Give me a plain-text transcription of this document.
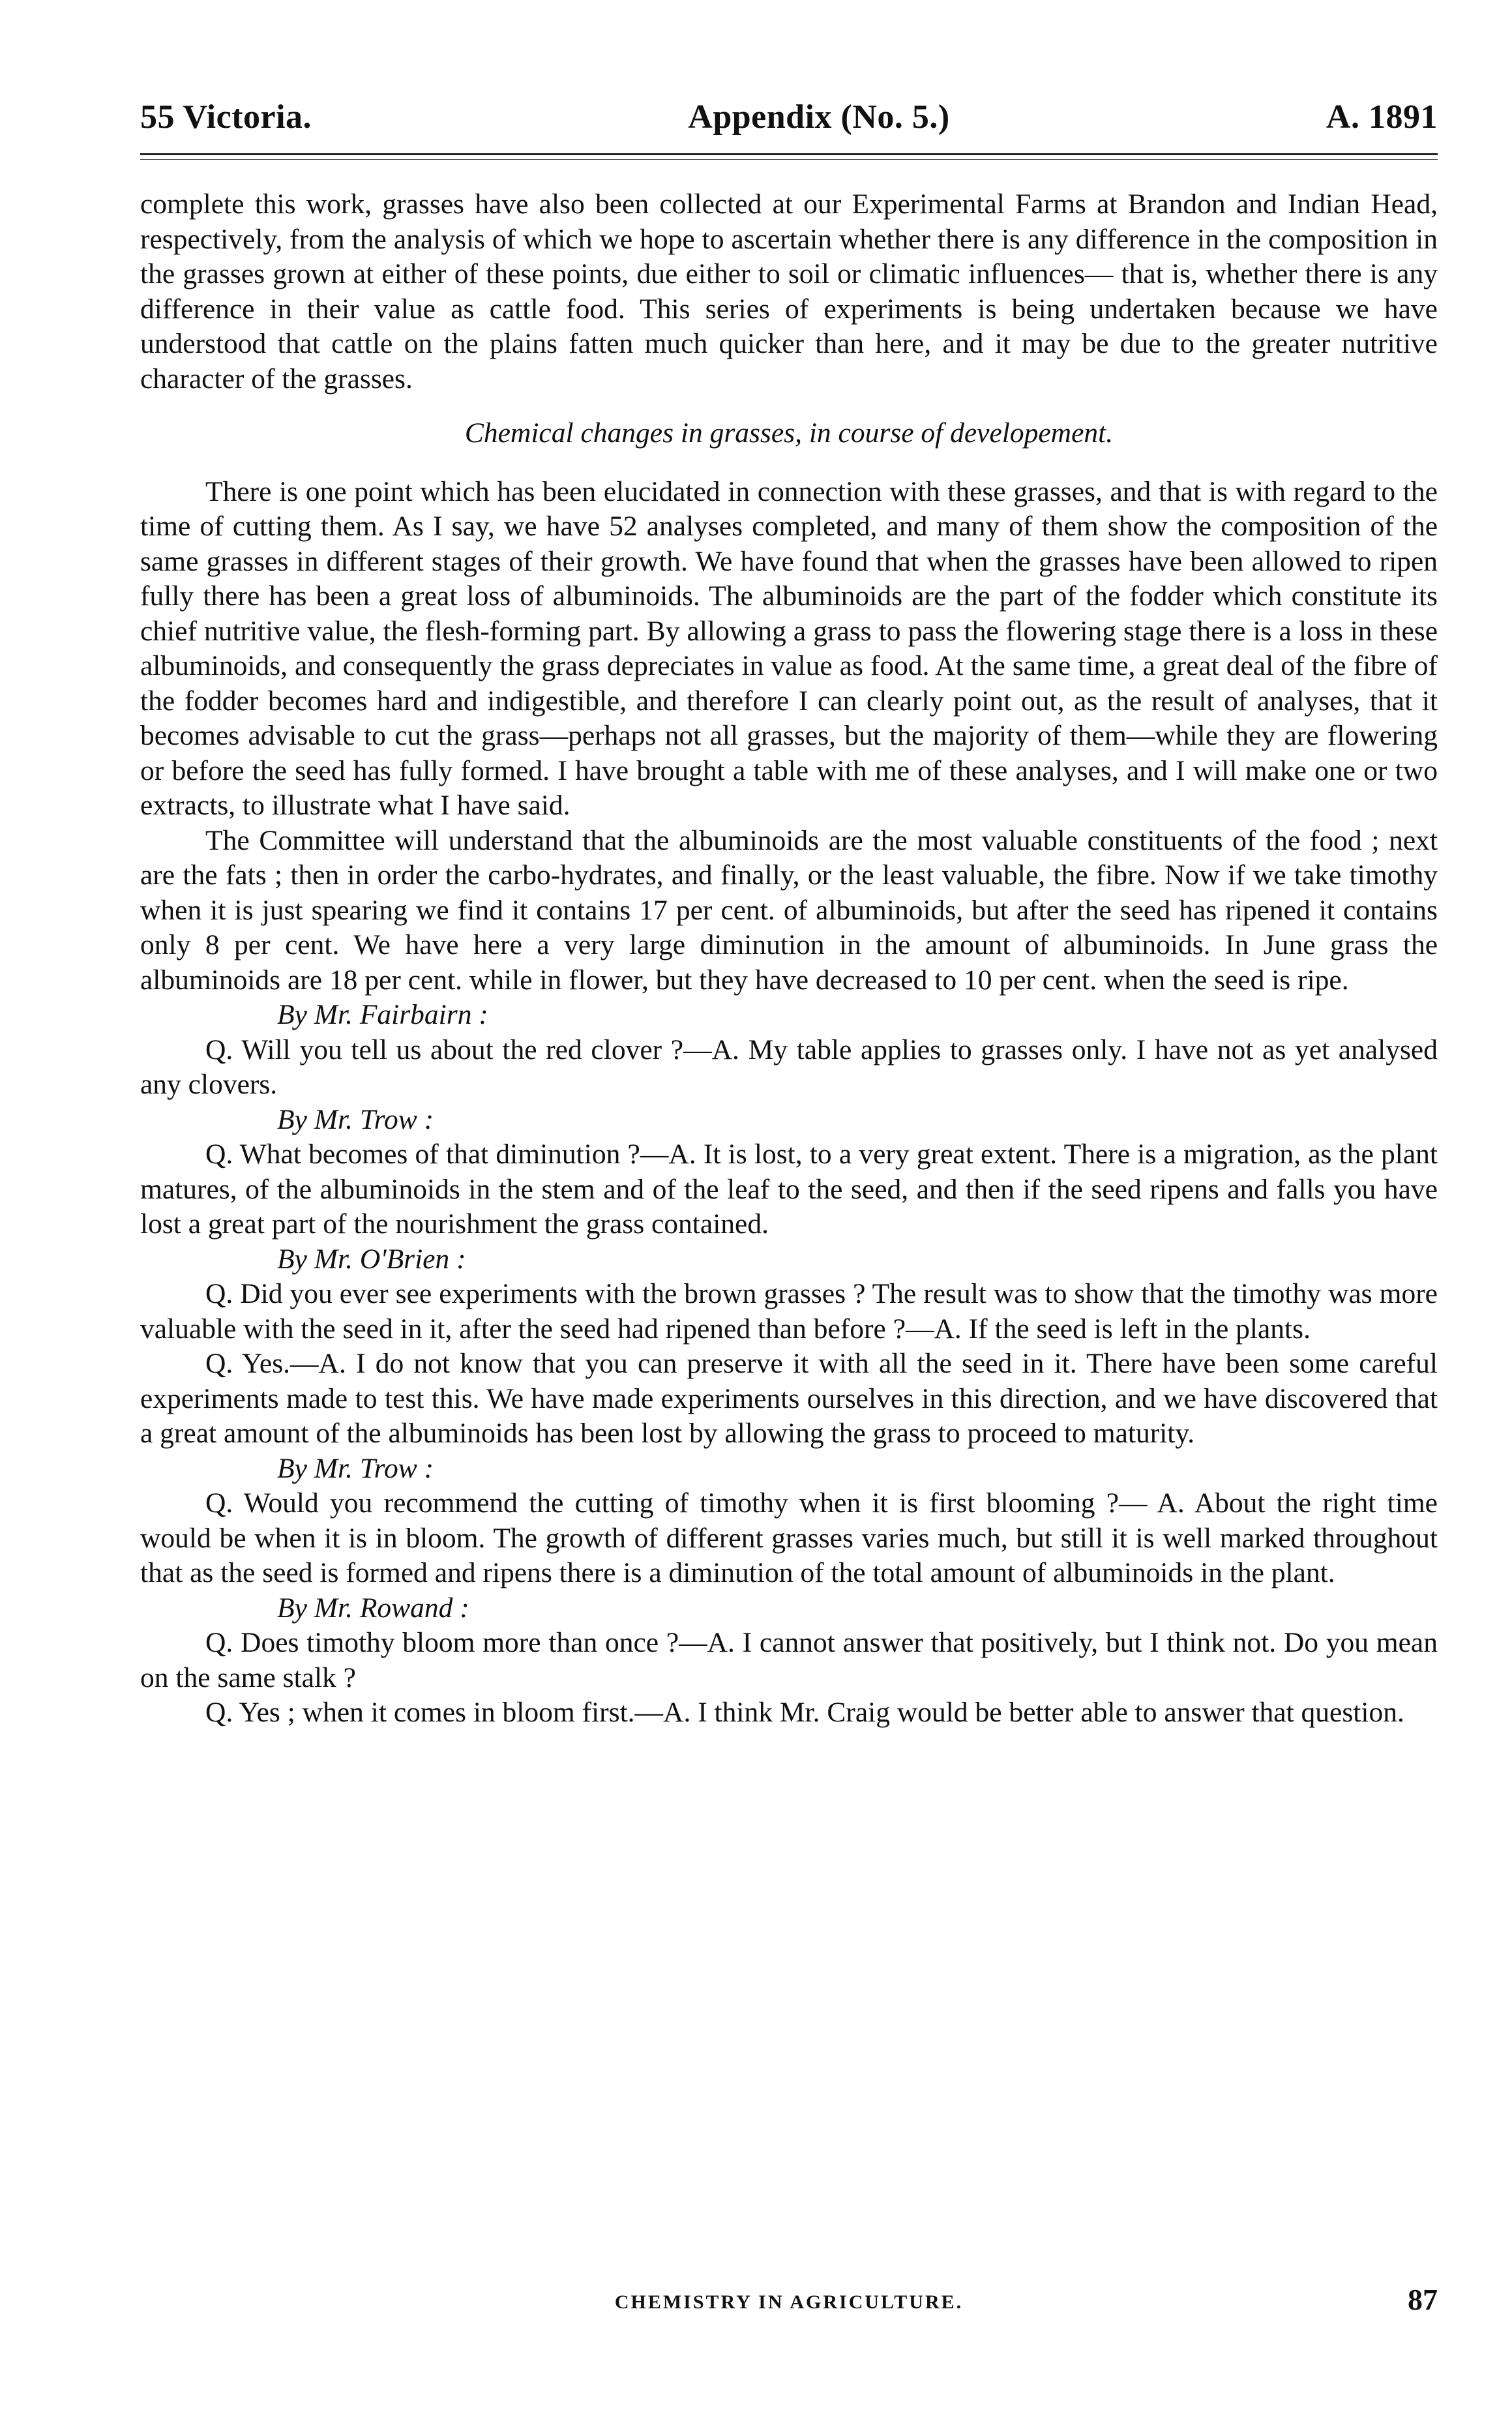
55 Victoria.	Appendix (No. 5.)	A. 1891

complete this work, grasses have also been collected at our Experimental Farms at Brandon and Indian Head, respectively, from the analysis of which we hope to ascertain whether there is any difference in the composition in the grasses grown at either of these points, due either to soil or climatic influences— that is, whether there is any difference in their value as cattle food. This series of experiments is being undertaken because we have understood that cattle on the plains fatten much quicker than here, and it may be due to the greater nutritive character of the grasses.

Chemical changes in grasses, in course of developement.

There is one point which has been elucidated in connection with these grasses, and that is with regard to the time of cutting them. As I say, we have 52 analyses completed, and many of them show the composition of the same grasses in different stages of their growth. We have found that when the grasses have been allowed to ripen fully there has been a great loss of albuminoids. The albuminoids are the part of the fodder which constitute its chief nutritive value, the flesh-forming part. By allowing a grass to pass the flowering stage there is a loss in these albuminoids, and consequently the grass depreciates in value as food. At the same time, a great deal of the fibre of the fodder becomes hard and indigestible, and therefore I can clearly point out, as the result of analyses, that it becomes advisable to cut the grass—perhaps not all grasses, but the majority of them—while they are flowering or before the seed has fully formed. I have brought a table with me of these analyses, and I will make one or two extracts, to illustrate what I have said.

The Committee will understand that the albuminoids are the most valuable constituents of the food ; next are the fats ; then in order the carbo-hydrates, and finally, or the least valuable, the fibre. Now if we take timothy when it is just spearing we find it contains 17 per cent. of albuminoids, but after the seed has ripened it contains only 8 per cent. We have here a very large diminution in the amount of albuminoids. In June grass the albuminoids are 18 per cent. while in flower, but they have decreased to 10 per cent. when the seed is ripe.

By Mr. Fairbairn :

Q. Will you tell us about the red clover ?—A. My table applies to grasses only. I have not as yet analysed any clovers.

By Mr. Trow :

Q. What becomes of that diminution ?—A. It is lost, to a very great extent. There is a migration, as the plant matures, of the albuminoids in the stem and of the leaf to the seed, and then if the seed ripens and falls you have lost a great part of the nourishment the grass contained.

By Mr. O'Brien :

Q. Did you ever see experiments with the brown grasses ? The result was to show that the timothy was more valuable with the seed in it, after the seed had ripened than before ?—A. If the seed is left in the plants.

Q. Yes.—A. I do not know that you can preserve it with all the seed in it. There have been some careful experiments made to test this. We have made experiments ourselves in this direction, and we have discovered that a great amount of the albuminoids has been lost by allowing the grass to proceed to maturity.

By Mr. Trow :

Q. Would you recommend the cutting of timothy when it is first blooming ?— A. About the right time would be when it is in bloom. The growth of different grasses varies much, but still it is well marked throughout that as the seed is formed and ripens there is a diminution of the total amount of albuminoids in the plant.

By Mr. Rowand :

Q. Does timothy bloom more than once ?—A. I cannot answer that positively, but I think not. Do you mean on the same stalk ?

Q. Yes ; when it comes in bloom first.—A. I think Mr. Craig would be better able to answer that question.

CHEMISTRY IN AGRICULTURE.	87
